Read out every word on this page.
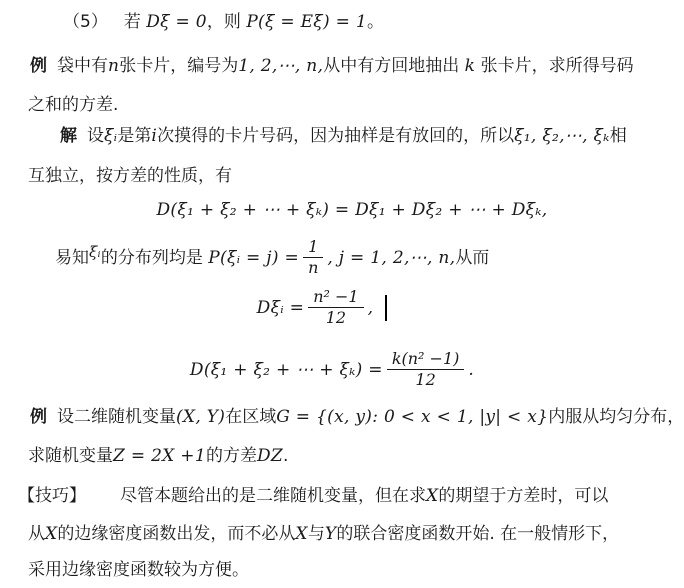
（5） 若 Dξ = 0，则 P(ξ = Eξ) = 1。
例 袋中有n张卡片，编号为1, 2,⋯, n,从中有方回地抽出 k 张卡片，求所得号码
之和的方差.
解 设ξᵢ是第i次摸得的卡片号码，因为抽样是有放回的，所以ξ₁, ξ₂,⋯, ξₖ相
互独立，按方差的性质，有
D(ξ₁ + ξ₂ + ⋯ + ξₖ) = Dξ₁ + Dξ₂ + ⋯ + Dξₖ,
易知ξᵢ的分布列均是 P(ξᵢ = $j) = \frac{1}{n}$ , j = 1, 2,⋯, n,从而
Dξᵢ = $\frac{\text{n² −1}}{12}$ ,
D(ξ₁ + ξ₂ + ⋯ + $\xi_k) = \frac{\text{k(n² −1)}}{12}$ .
例 设二维随机变量(X, Y)在区域G = {(x, y): 0 < x < 1, |y| < x}内服从均匀分布，
求随机变量Z = 2X +1的方差DZ.
【技巧】 尽管本题给出的是二维随机变量，但在求X的期望于方差时，可以
从X的边缘密度函数出发，而不必从X与Y的联合密度函数开始. 在一般情形下，
采用边缘密度函数较为方便。
